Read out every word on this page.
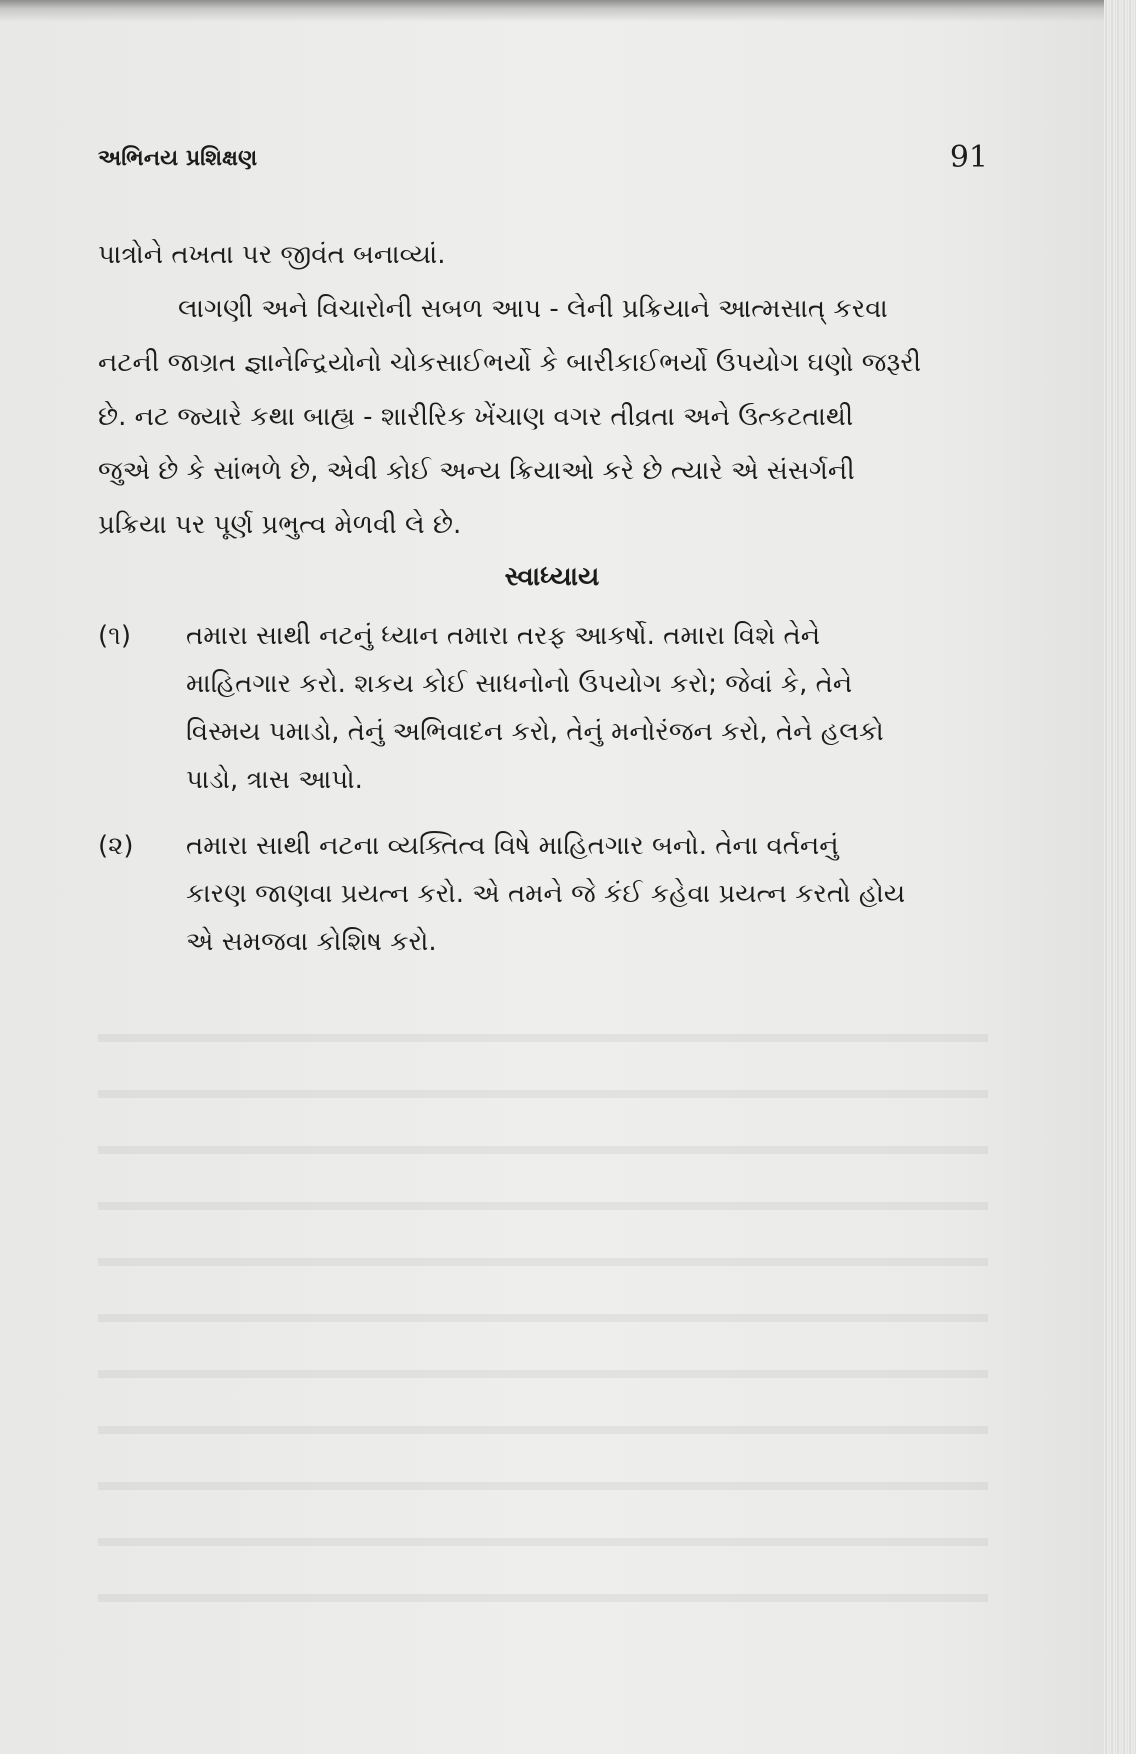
અભિનય પ્રશિક્ષણ	91
પાત્રોને તખતા પર જીવંત બનાવ્યાં.
લાગણી અને વિચારોની સબળ આપ - લેની પ્રક્રિયાને આત્મસાત્ કરવા
નટની જાગ્રત જ્ઞાનેન્દ્રિયોનો ચોકસાઈભર્યો કે બારીકાઈભર્યો ઉપયોગ ઘણો જરૂરી
છે. નટ જ્યારે કથા બાહ્ય - શારીરિક ખેંચાણ વગર તીવ્રતા અને ઉત્કટતાથી
જુએ છે કે સાંભળે છે, એવી કોઈ અન્ય ક્રિયાઓ કરે છે ત્યારે એ સંસર્ગની
પ્રક્રિયા પર પૂર્ણ પ્રભુત્વ મેળવી લે છે.
સ્વાધ્યાય
(૧) તમારા સાથી નટનું ધ્યાન તમારા તરફ આકર્ષો. તમારા વિશે તેને
માહિતગાર કરો. શકય કોઈ સાધનોનો ઉપયોગ કરો; જેવાં કે, તેને
વિસ્મય પમાડો, તેનું અભિવાદન કરો, તેનું મનોરંજન કરો, તેને હલકો
પાડો, ત્રાસ આપો.
(૨) તમારા સાથી નટના વ્યક્તિત્વ વિષે માહિતગાર બનો. તેના વર્તનનું
કારણ જાણવા પ્રયત્ન કરો. એ તમને જે કંઈ કહેવા પ્રયત્ન કરતો હોય
એ સમજવા કોશિષ કરો.
